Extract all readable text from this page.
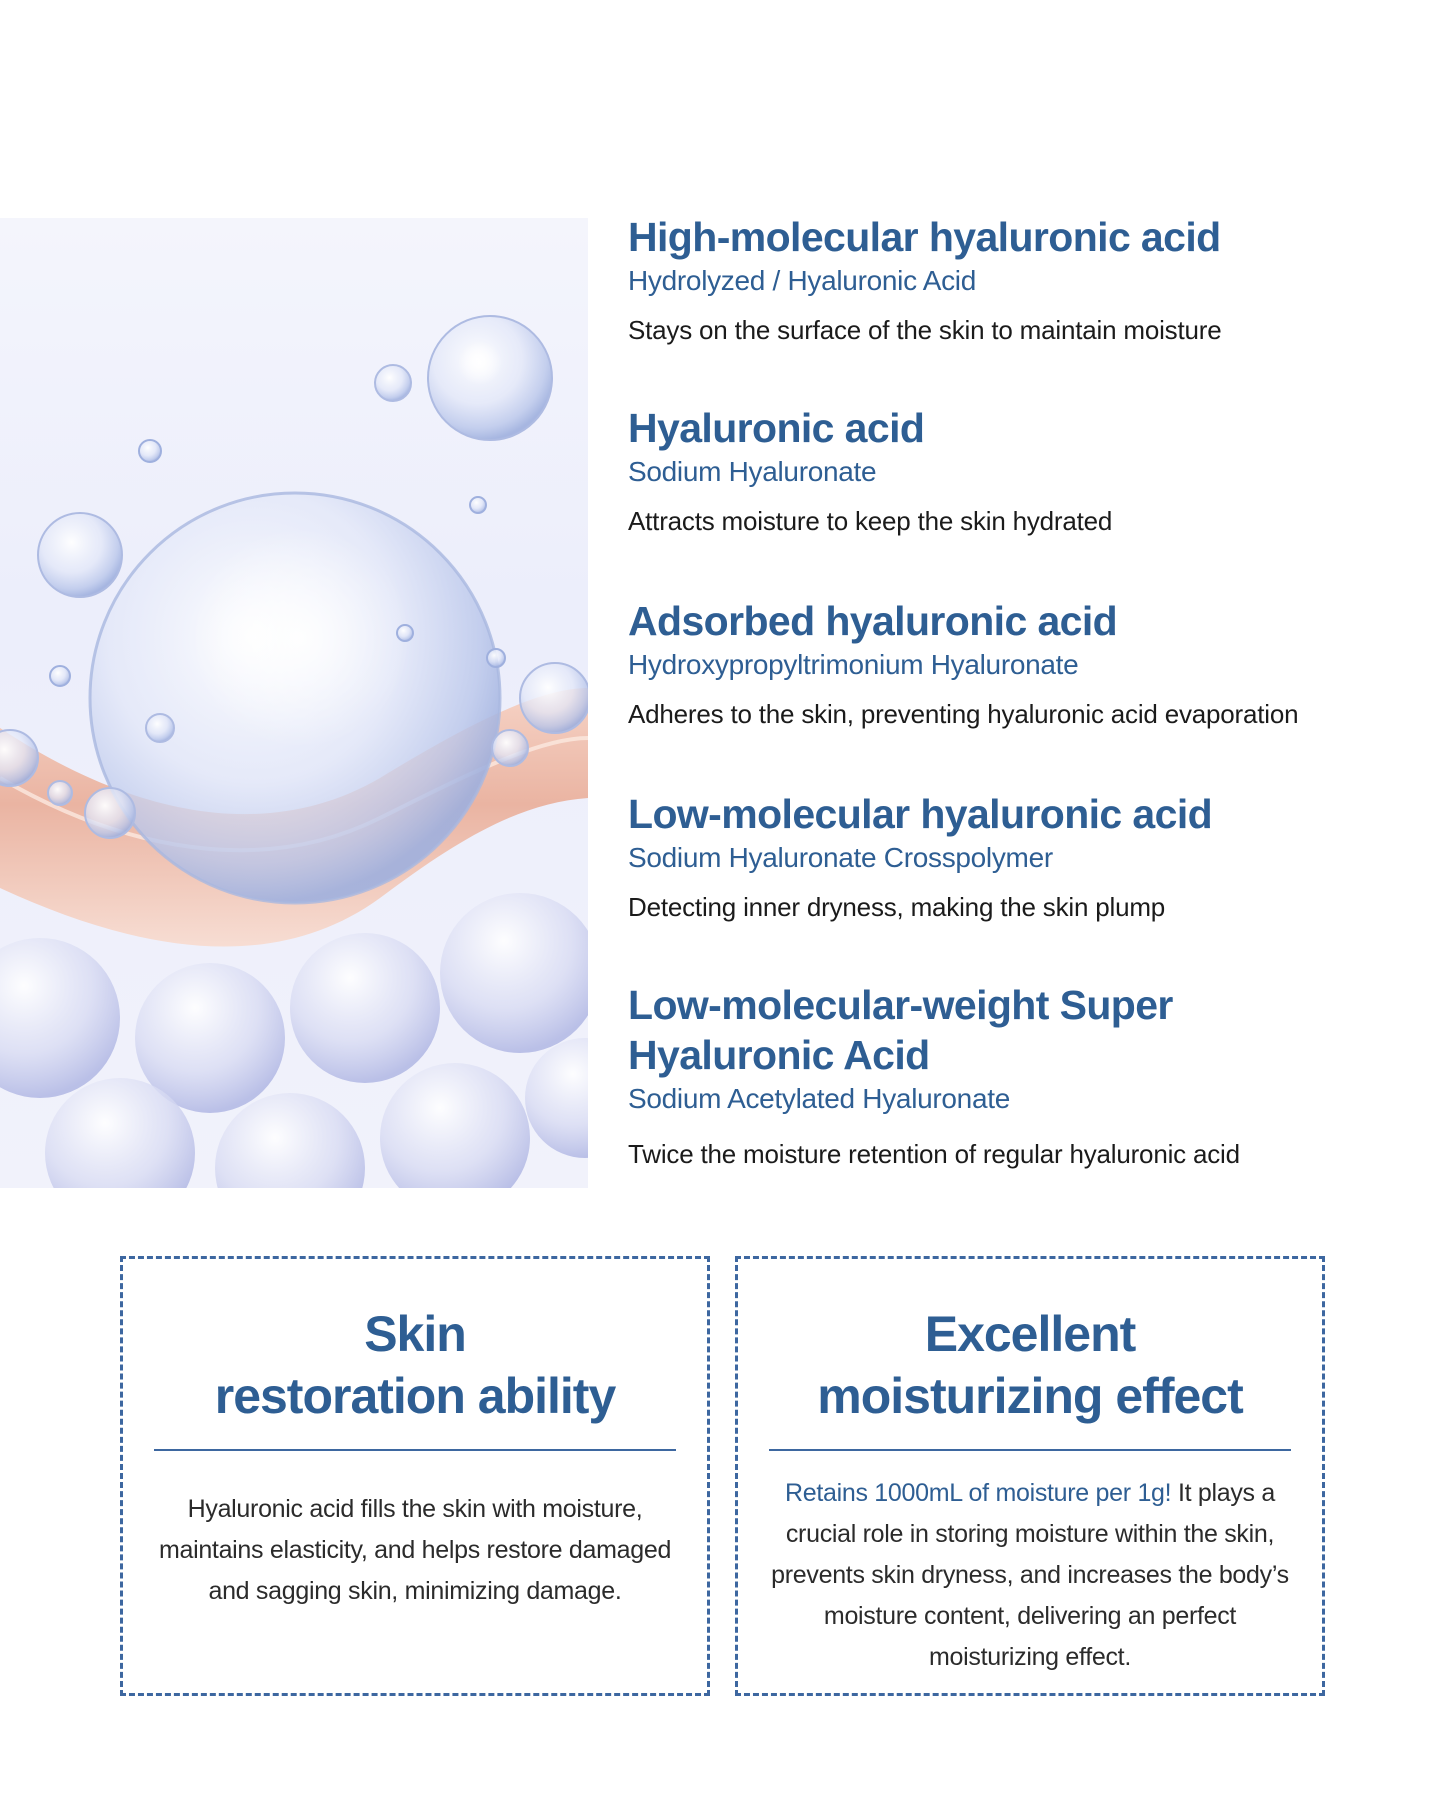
High-molecular hyaluronic acid
Hydrolyzed / Hyaluronic Acid
Stays on the surface of the skin to maintain moisture
Hyaluronic acid
Sodium Hyaluronate
Attracts moisture to keep the skin hydrated
Adsorbed hyaluronic acid
Hydroxypropyltrimonium Hyaluronate
Adheres to the skin, preventing hyaluronic acid evaporation
Low-molecular hyaluronic acid
Sodium Hyaluronate Crosspolymer
Detecting inner dryness, making the skin plump
Low-molecular-weight Super
Hyaluronic Acid
Sodium Acetylated Hyaluronate
Twice the moisture retention of regular hyaluronic acid
Skin
restoration ability
Hyaluronic acid fills the skin with moisture,
maintains elasticity, and helps restore damaged
and sagging skin, minimizing damage.
Excellent
moisturizing effect
Retains 1000mL of moisture per 1g! It plays a
crucial role in storing moisture within the skin,
prevents skin dryness, and increases the body’s
moisture content, delivering an perfect
moisturizing effect.
